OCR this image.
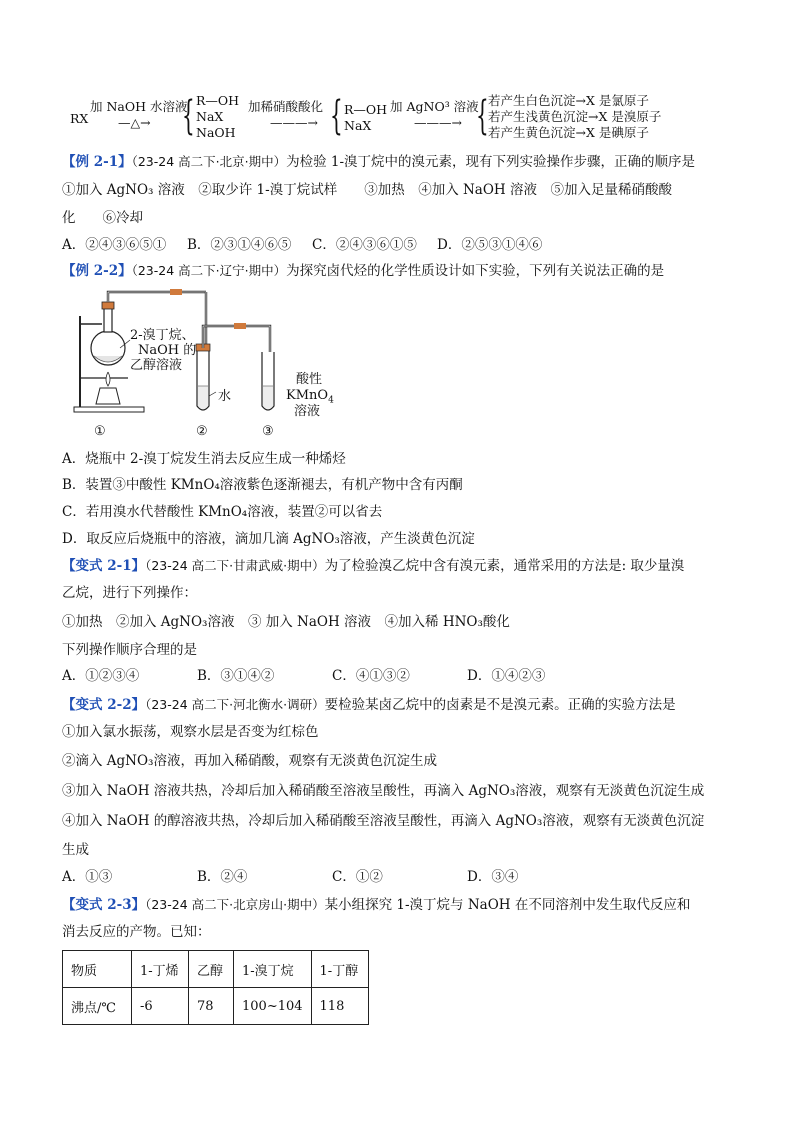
RX
加 NaOH 水溶液
—△→ { R—OH
NaX
NaOH
加稀硝酸酸化
———→ { R—OH
NaX
加 AgNO³ 溶液
———→ { 若产生白色沉淀→X 是氯原子
若产生浅黄色沉淀→X 是溴原子
若产生黄色沉淀→X 是碘原子
【例 2-1】（23-24 高二下·北京·期中）为检验 1-溴丁烷中的溴元素，现有下列实验操作步骤，正确的顺序是
①加入 AgNO₃ 溶液　②取少许 1-溴丁烷试样　　③加热　④加入 NaOH 溶液　⑤加入足量稀硝酸酸
化　　⑥冷却
A．②④③⑥⑤① B．②③①④⑥⑤ C．②④③⑥①⑤ D．②⑤③①④⑥
【例 2-2】（23-24 高二下·辽宁·期中）为探究卤代烃的化学性质设计如下实验，下列有关说法正确的是
2-溴丁烷、
NaOH 的
乙醇溶液
水
酸性
KMnO$_4$
溶液
①	②	③
A．烧瓶中 2-溴丁烷发生消去反应生成一种烯烃
B．装置③中酸性 KMnO₄溶液紫色逐渐褪去，有机产物中含有丙酮
C．若用溴水代替酸性 KMnO₄溶液，装置②可以省去
D．取反应后烧瓶中的溶液，滴加几滴 AgNO₃溶液，产生淡黄色沉淀
【变式 2-1】（23-24 高二下·甘肃武威·期中）为了检验溴乙烷中含有溴元素，通常采用的方法是: 取少量溴
乙烷，进行下列操作：
①加热　②加入 AgNO₃溶液　③ 加入 NaOH 溶液　④加入稀 HNO₃酸化
下列操作顺序合理的是
A．①②③④	B．③①④②	C．④①③②	D．①④②③
【变式 2-2】（23-24 高二下·河北衡水·调研）要检验某卤乙烷中的卤素是不是溴元素。正确的实验方法是
①加入氯水振荡，观察水层是否变为红棕色
②滴入 AgNO₃溶液，再加入稀硝酸，观察有无淡黄色沉淀生成
③加入 NaOH 溶液共热，冷却后加入稀硝酸至溶液呈酸性，再滴入 AgNO₃溶液，观察有无淡黄色沉淀生成
④加入 NaOH 的醇溶液共热，冷却后加入稀硝酸至溶液呈酸性，再滴入 AgNO₃溶液，观察有无淡黄色沉淀
生成
A．①③	B．②④	C．①②	D．③④
【变式 2-3】（23-24 高二下·北京房山·期中）某小组探究 1-溴丁烷与 NaOH 在不同溶剂中发生取代反应和
消去反应的产物。已知：
物质	1-丁烯	乙醇	1-溴丁烷	1-丁醇
沸点/℃	-6	78	100~104	118
